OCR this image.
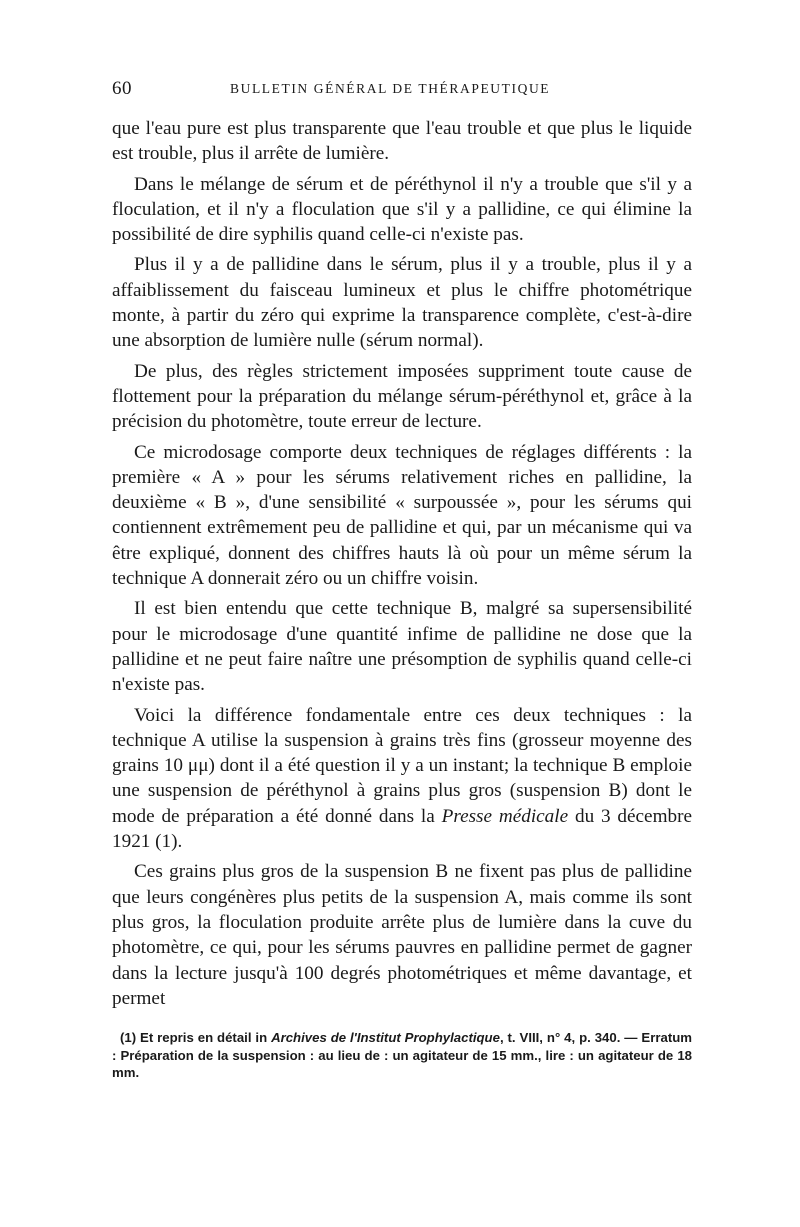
60	BULLETIN GÉNÉRAL DE THÉRAPEUTIQUE

que l'eau pure est plus transparente que l'eau trouble et que plus le liquide est trouble, plus il arrête de lumière.

Dans le mélange de sérum et de péréthynol il n'y a trouble que s'il y a floculation, et il n'y a floculation que s'il y a pallidine, ce qui élimine la possibilité de dire syphilis quand celle-ci n'existe pas.

Plus il y a de pallidine dans le sérum, plus il y a trouble, plus il y a affaiblissement du faisceau lumineux et plus le chiffre photométrique monte, à partir du zéro qui exprime la transparence complète, c'est-à-dire une absorption de lumière nulle (sérum normal).

De plus, des règles strictement imposées suppriment toute cause de flottement pour la préparation du mélange sérum-péréthynol et, grâce à la précision du photomètre, toute erreur de lecture.

Ce microdosage comporte deux techniques de réglages différents : la première « A » pour les sérums relativement riches en pallidine, la deuxième « B », d'une sensibilité « surpoussée », pour les sérums qui contiennent extrêmement peu de pallidine et qui, par un mécanisme qui va être expliqué, donnent des chiffres hauts là où pour un même sérum la technique A donnerait zéro ou un chiffre voisin.

Il est bien entendu que cette technique B, malgré sa supersensibilité pour le microdosage d'une quantité infime de pallidine ne dose que la pallidine et ne peut faire naître une présomption de syphilis quand celle-ci n'existe pas.

Voici la différence fondamentale entre ces deux techniques : la technique A utilise la suspension à grains très fins (grosseur moyenne des grains 10 μμ) dont il a été question il y a un instant; la technique B emploie une suspension de péréthynol à grains plus gros (suspension B) dont le mode de préparation a été donné dans la Presse médicale du 3 décembre 1921 (1).

Ces grains plus gros de la suspension B ne fixent pas plus de pallidine que leurs congénères plus petits de la suspension A, mais comme ils sont plus gros, la floculation produite arrête plus de lumière dans la cuve du photomètre, ce qui, pour les sérums pauvres en pallidine permet de gagner dans la lecture jusqu'à 100 degrés photométriques et même davantage, et permet

(1) Et repris en détail in Archives de l'Institut Prophylactique, t. VIII, n° 4, p. 340. — Erratum : Préparation de la suspension : au lieu de : un agitateur de 15 mm., lire : un agitateur de 18 mm.
